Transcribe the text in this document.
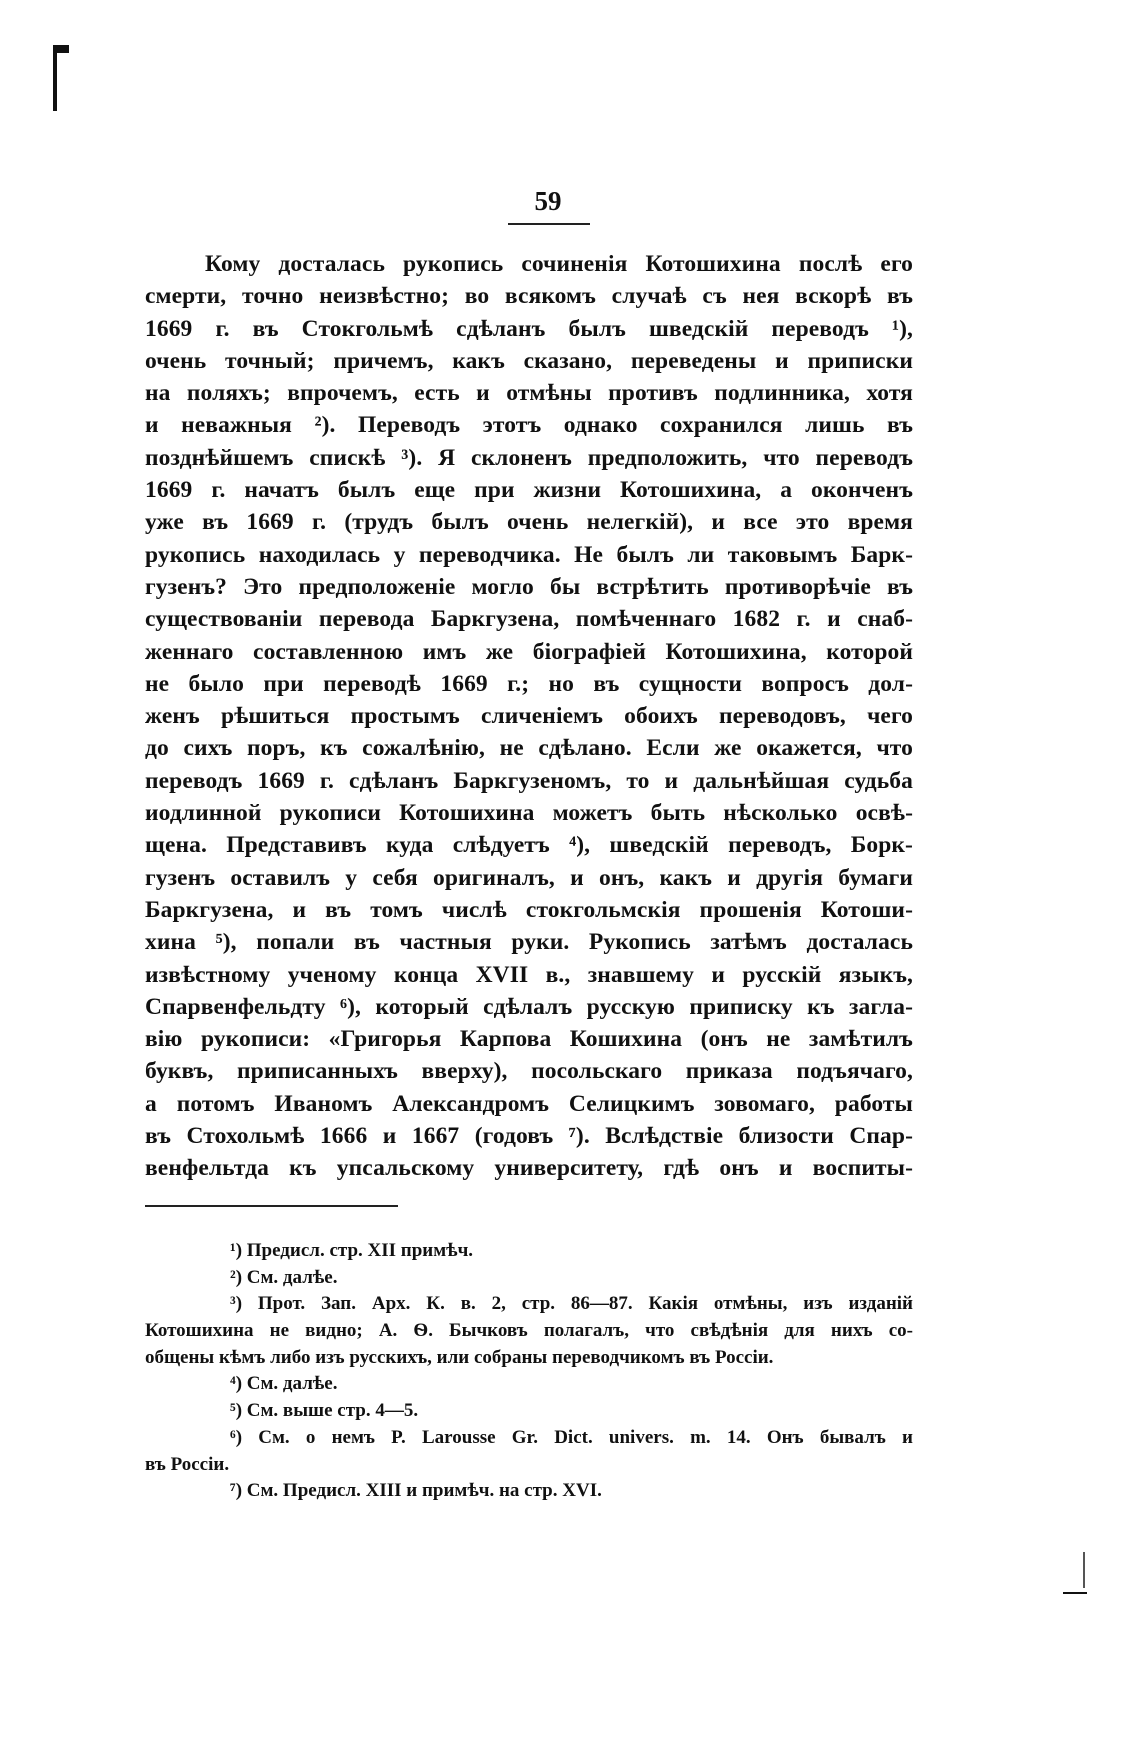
59
Кому досталась рукопись сочиненія Котошихина послѣ его
смерти, точно неизвѣстно; во всякомъ случаѣ съ нея вскорѣ въ
1669 г. въ Стокгольмѣ сдѣланъ былъ шведскій переводъ ¹),
очень точный; причемъ, какъ сказано, переведены и приписки
на поляхъ; впрочемъ, есть и отмѣны противъ подлинника, хотя
и неважныя ²). Переводъ этотъ однако сохранился лишь въ
позднѣйшемъ спискѣ ³). Я склоненъ предположить, что переводъ
1669 г. начатъ былъ еще при жизни Котошихина, а оконченъ
уже въ 1669 г. (трудъ былъ очень нелегкій), и все это время
рукопись находилась у переводчика. Не былъ ли таковымъ Барк-
гузенъ? Это предположеніе могло бы встрѣтить противорѣчіе въ
существованіи перевода Баркгузена, помѣченнаго 1682 г. и снаб-
женнаго составленною имъ же біографіей Котошихина, которой
не было при переводѣ 1669 г.; но въ сущности вопросъ дол-
женъ рѣшиться простымъ сличеніемъ обоихъ переводовъ, чего
до сихъ поръ, къ сожалѣнію, не сдѣлано. Если же окажется, что
переводъ 1669 г. сдѣланъ Баркгузеномъ, то и дальнѣйшая судьба
иодлинной рукописи Котошихина можетъ быть нѣсколько освѣ-
щена. Представивъ куда слѣдуетъ ⁴), шведскій переводъ, Борк-
гузенъ оставилъ у себя оригиналъ, и онъ, какъ и другія бумаги
Баркгузена, и въ томъ числѣ стокгольмскія прошенія Котоши-
хина ⁵), попали въ частныя руки. Рукопись затѣмъ досталась
извѣстному ученому конца XVII в., знавшему и русскій языкъ,
Спарвенфельдту ⁶), который сдѣлалъ русскую приписку къ загла-
вію рукописи: «Григорья Карпова Кошихина (онъ не замѣтилъ
буквъ, приписанныхъ вверху), посольскаго приказа подъячаго,
а потомъ Иваномъ Александромъ Селицкимъ зовомаго, работы
въ Стохольмѣ 1666 и 1667 (годовъ ⁷). Вслѣдствіе близости Спар-
венфельтда къ упсальскому университету, гдѣ онъ и воспиты-
¹) Предисл. стр. XII примѣч.
²) См. далѣе.
³) Прот. Зап. Арх. К. в. 2, стр. 86—87. Какія отмѣны, изъ изданій
Котошихина не видно; А. Ѳ. Бычковъ полагалъ, что свѣдѣнія для нихъ со-
общены кѣмъ либо изъ русскихъ, или собраны переводчикомъ въ Россіи.
⁴) См. далѣе.
⁵) См. выше стр. 4—5.
⁶) См. о немъ P. Larousse Gr. Dict. univers. m. 14. Онъ бывалъ и
въ Россіи.
⁷) См. Предисл. XIII и примѣч. на стр. XVI.
